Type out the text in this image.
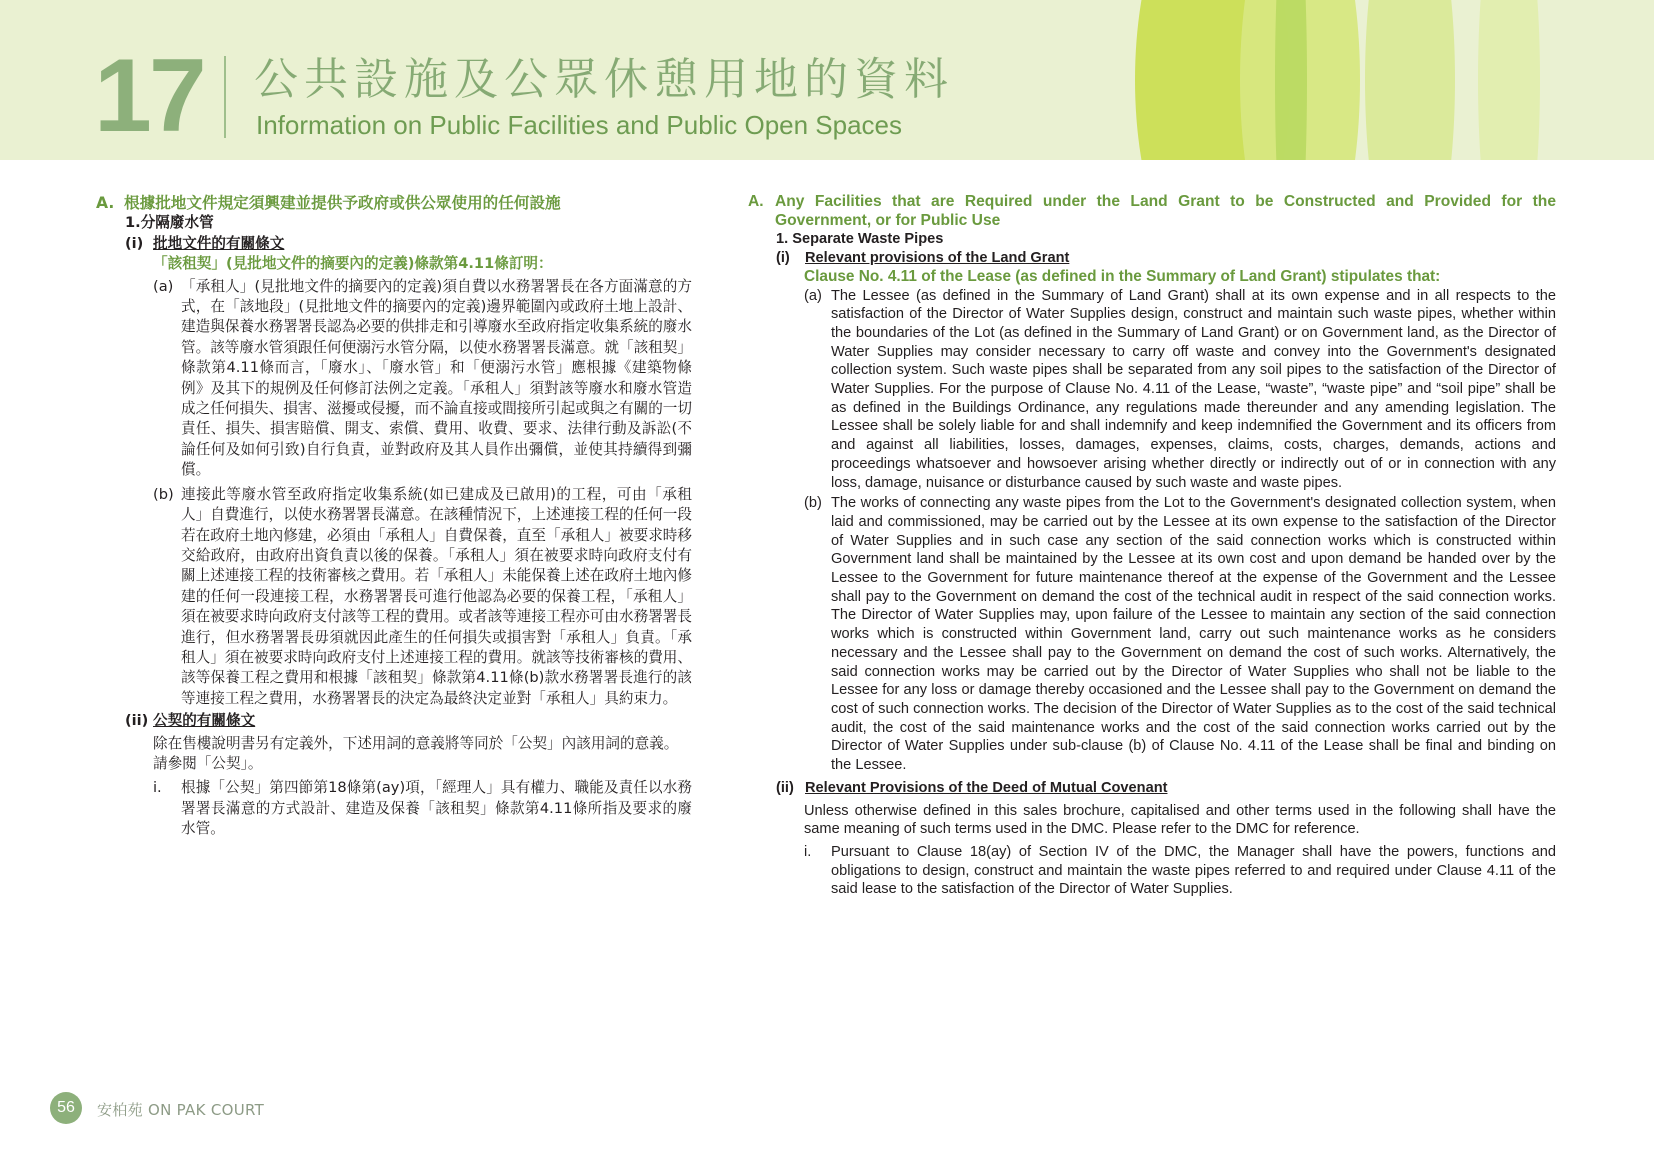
17 公共設施及公眾休憩用地的資料
Information on Public Facilities and Public Open Spaces
A. 根據批地文件規定須興建並提供予政府或供公眾使用的任何設施
1.分隔廢水管
(i) 批地文件的有關條文
「該租契」(見批地文件的摘要內的定義)條款第4.11條訂明：
(a) 「承租人」(見批地文件的摘要內的定義)須自費以水務署署長在各方面滿意的方式，在「該地段」(見批地文件的摘要內的定義)邊界範圍內或政府土地上設計、建造與保養水務署署長認為必要的供排走和引導廢水至政府指定收集系統的廢水管。該等廢水管須跟任何便溺污水管分隔，以使水務署署長滿意。就「該租契」條款第4.11條而言，「廢水」、「廢水管」和「便溺污水管」應根據《建築物條例》及其下的規例及任何修訂法例之定義。「承租人」須對該等廢水和廢水管造成之任何損失、損害、滋擾或侵擾，而不論直接或間接所引起或與之有關的一切責任、損失、損害賠償、開支、索償、費用、收費、要求、法律行動及訴訟(不論任何及如何引致)自行負責，並對政府及其人員作出彌償，並使其持續得到彌償。
(b) 連接此等廢水管至政府指定收集系統(如已建成及已啟用)的工程，可由「承租人」自費進行，以使水務署署長滿意。在該種情況下，上述連接工程的任何一段若在政府土地內修建，必須由「承租人」自費保養，直至「承租人」被要求時移交給政府，由政府出資負責以後的保養。「承租人」須在被要求時向政府支付有關上述連接工程的技術審核之費用。若「承租人」未能保養上述在政府土地內修建的任何一段連接工程，水務署署長可進行他認為必要的保養工程，「承租人」須在被要求時向政府支付該等工程的費用。或者該等連接工程亦可由水務署署長進行，但水務署署長毋須就因此產生的任何損失或損害對「承租人」負責。「承租人」須在被要求時向政府支付上述連接工程的費用。就該等技術審核的費用、該等保養工程之費用和根據「該租契」條款第4.11條(b)款水務署署長進行的該等連接工程之費用，水務署署長的決定為最終決定並對「承租人」具約束力。
(ii) 公契的有關條文
除在售樓說明書另有定義外，下述用詞的意義將等同於「公契」內該用詞的意義。請參閱「公契」。
i. 根據「公契」第四節第18條第(ay)項，「經理人」具有權力、職能及責任以水務署署長滿意的方式設計、建造及保養「該租契」條款第4.11條所指及要求的廢水管。
A. Any Facilities that are Required under the Land Grant to be Constructed and Provided for the Government, or for Public Use
1. Separate Waste Pipes
(i) Relevant provisions of the Land Grant
Clause No. 4.11 of the Lease (as defined in the Summary of Land Grant) stipulates that:
(a) The Lessee (as defined in the Summary of Land Grant) shall at its own expense and in all respects to the satisfaction of the Director of Water Supplies design, construct and maintain such waste pipes, whether within the boundaries of the Lot (as defined in the Summary of Land Grant) or on Government land, as the Director of Water Supplies may consider necessary to carry off waste and convey into the Government's designated collection system. Such waste pipes shall be separated from any soil pipes to the satisfaction of the Director of Water Supplies. For the purpose of Clause No. 4.11 of the Lease, “waste”, “waste pipe” and “soil pipe” shall be as defined in the Buildings Ordinance, any regulations made thereunder and any amending legislation. The Lessee shall be solely liable for and shall indemnify and keep indemnified the Government and its officers from and against all liabilities, losses, damages, expenses, claims, costs, charges, demands, actions and proceedings whatsoever and howsoever arising whether directly or indirectly out of or in connection with any loss, damage, nuisance or disturbance caused by such waste and waste pipes.
(b) The works of connecting any waste pipes from the Lot to the Government's designated collection system, when laid and commissioned, may be carried out by the Lessee at its own expense to the satisfaction of the Director of Water Supplies and in such case any section of the said connection works which is constructed within Government land shall be maintained by the Lessee at its own cost and upon demand be handed over by the Lessee to the Government for future maintenance thereof at the expense of the Government and the Lessee shall pay to the Government on demand the cost of the technical audit in respect of the said connection works. The Director of Water Supplies may, upon failure of the Lessee to maintain any section of the said connection works which is constructed within Government land, carry out such maintenance works as he considers necessary and the Lessee shall pay to the Government on demand the cost of such works. Alternatively, the said connection works may be carried out by the Director of Water Supplies who shall not be liable to the Lessee for any loss or damage thereby occasioned and the Lessee shall pay to the Government on demand the cost of such connection works. The decision of the Director of Water Supplies as to the cost of the said technical audit, the cost of the said maintenance works and the cost of the said connection works carried out by the Director of Water Supplies under sub-clause (b) of Clause No. 4.11 of the Lease shall be final and binding on the Lessee.
(ii) Relevant Provisions of the Deed of Mutual Covenant
Unless otherwise defined in this sales brochure, capitalised and other terms used in the following shall have the same meaning of such terms used in the DMC. Please refer to the DMC for reference.
i. Pursuant to Clause 18(ay) of Section IV of the DMC, the Manager shall have the powers, functions and obligations to design, construct and maintain the waste pipes referred to and required under Clause 4.11 of the said lease to the satisfaction of the Director of Water Supplies.
56	安柏苑 ON PAK COURT
